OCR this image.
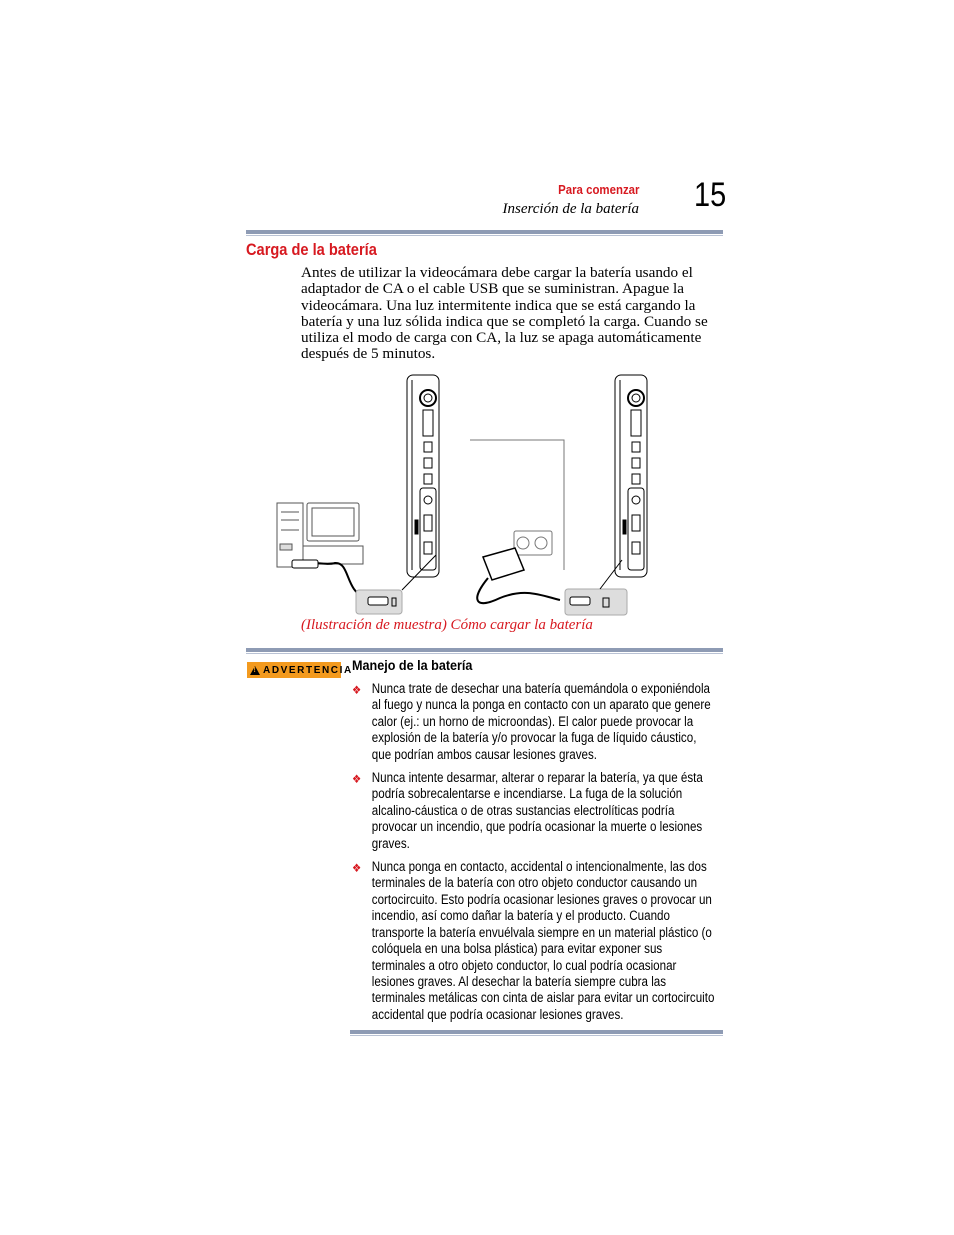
Para comenzar
Inserción de la batería 15
Carga de la batería
Antes de utilizar la videocámara debe cargar la batería usando el adaptador de CA o el cable USB que se suministran. Apague la videocámara. Una luz intermitente indica que se está cargando la batería y una luz sólida indica que se completó la carga. Cuando se utiliza el modo de carga con CA, la luz se apaga automáticamente después de 5 minutos.
(Ilustración de muestra) Cómo cargar la batería
!
ADVERTENCIA Manejo de la batería
❖ Nunca trate de desechar una batería quemándola o exponiéndola al fuego y nunca la ponga en contacto con un aparato que genere calor (ej.: un horno de microondas). El calor puede provocar la explosión de la batería y/o provocar la fuga de líquido cáustico, que podrían ambos causar lesiones graves.
❖ Nunca intente desarmar, alterar o reparar la batería, ya que ésta podría sobrecalentarse e incendiarse. La fuga de la solución alcalino-cáustica o de otras sustancias electrolíticas podría provocar un incendio, que podría ocasionar la muerte o lesiones graves.
❖ Nunca ponga en contacto, accidental o intencionalmente, las dos terminales de la batería con otro objeto conductor causando un cortocircuito. Esto podría ocasionar lesiones graves o provocar un incendio, así como dañar la batería y el producto. Cuando transporte la batería envuélvala siempre en un material plástico (o colóquela en una bolsa plástica) para evitar exponer sus terminales a otro objeto conductor, lo cual podría ocasionar lesiones graves. Al desechar la batería siempre cubra las terminales metálicas con cinta de aislar para evitar un cortocircuito accidental que podría ocasionar lesiones graves.
